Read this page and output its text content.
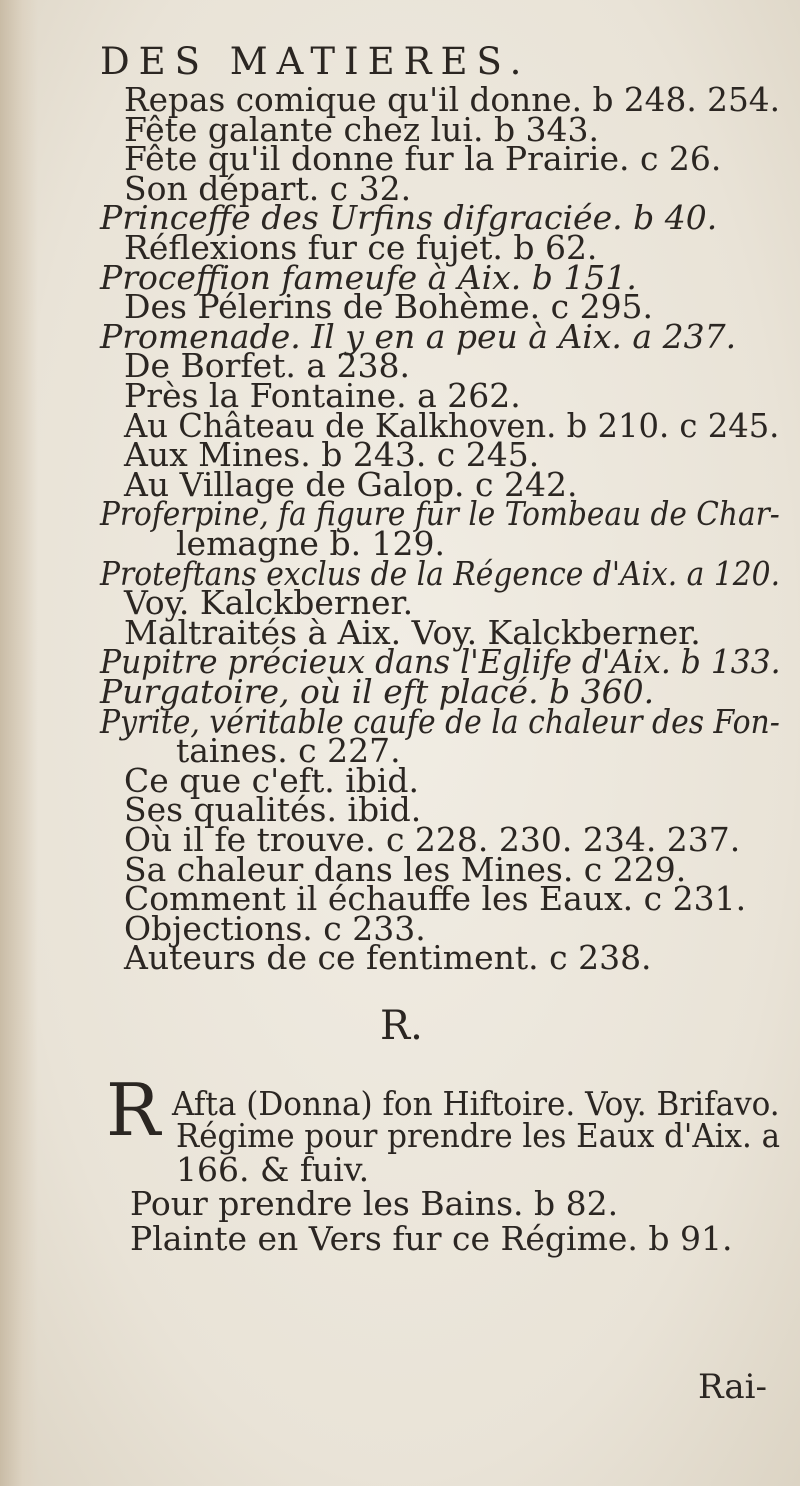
DES MATIERES.
Repas comique qu'il donne. b 248. 254.
Fête galante chez lui. b 343.
Fête qu'il donne fur la Prairie. c 26.
Son départ. c 32.
Princeffe des Urfins difgraciée. b 40.
Réflexions fur ce fujet. b 62.
Proceffion fameufe à Aix. b 151.
Des Pélerins de Bohème. c 295.
Promenade. Il y en a peu à Aix. a 237.
De Borfet. a 238.
Près la Fontaine. a 262.
Au Château de Kalkhoven. b 210. c 245.
Aux Mines. b 243. c 245.
Au Village de Galop. c 242.
Proferpine, fa figure fur le Tombeau de Char-
lemagne b. 129.
Proteftans exclus de la Régence d'Aix. a 120.
Voy. Kalckberner.
Maltraités à Aix. Voy. Kalckberner.
Pupitre précieux dans l'Eglife d'Aix. b 133.
Purgatoire, où il eft placé. b 360.
Pyrite, véritable caufe de la chaleur des Fon-
taines. c 227.
Ce que c'eft. ibid.
Ses qualités. ibid.
Où il fe trouve. c 228. 230. 234. 237.
Sa chaleur dans les Mines. c 229.
Comment il échauffe les Eaux. c 231.
Objections. c 233.
Auteurs de ce fentiment. c 238.
R.
R Afta (Donna) fon Hiftoire. Voy. Brifavo.
Régime pour prendre les Eaux d'Aix. a
166. & fuiv.
Pour prendre les Bains. b 82.
Plainte en Vers fur ce Régime. b 91.
Rai-
